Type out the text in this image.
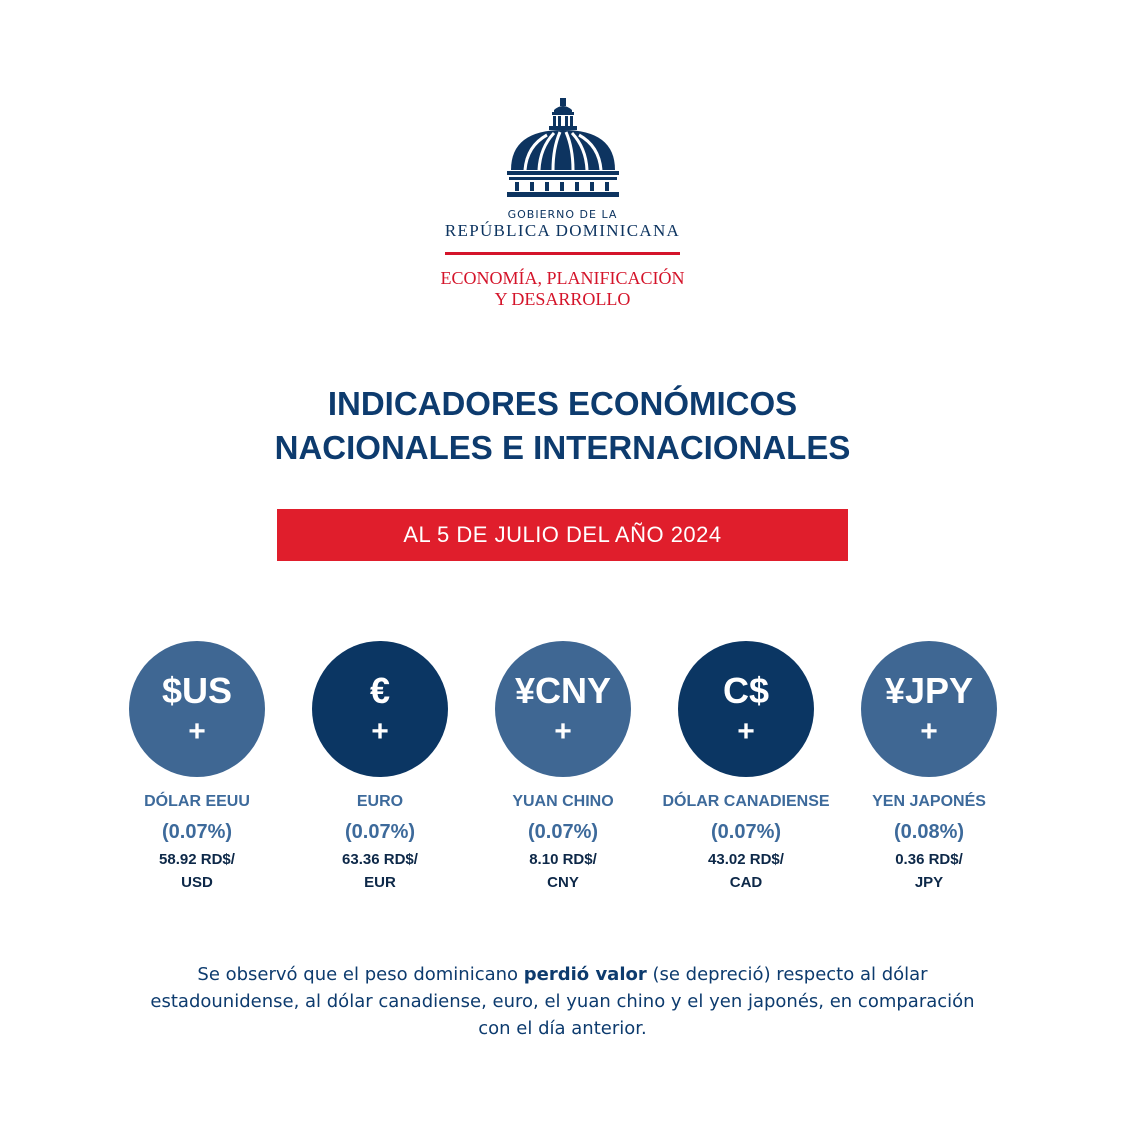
GOBIERNO DE LA
REPÚBLICA DOMINICANA
ECONOMÍA, PLANIFICACIÓN
Y DESARROLLO
INDICADORES ECONÓMICOS
NACIONALES E INTERNACIONALES
AL 5 DE JULIO DEL AÑO 2024
$US
+
DÓLAR EEUU
(0.07%)
58.92 RD$/
USD
€
+
EURO
(0.07%)
63.36 RD$/
EUR
¥CNY
+
YUAN CHINO
(0.07%)
8.10 RD$/
CNY
C$
+
DÓLAR CANADIENSE
(0.07%)
43.02 RD$/
CAD
¥JPY
+
YEN JAPONÉS
(0.08%)
0.36 RD$/
JPY
Se observó que el peso dominicano perdió valor (se depreció) respecto al dólar estadounidense, al dólar canadiense, euro, el yuan chino y el yen japonés, en comparación con el día anterior.
